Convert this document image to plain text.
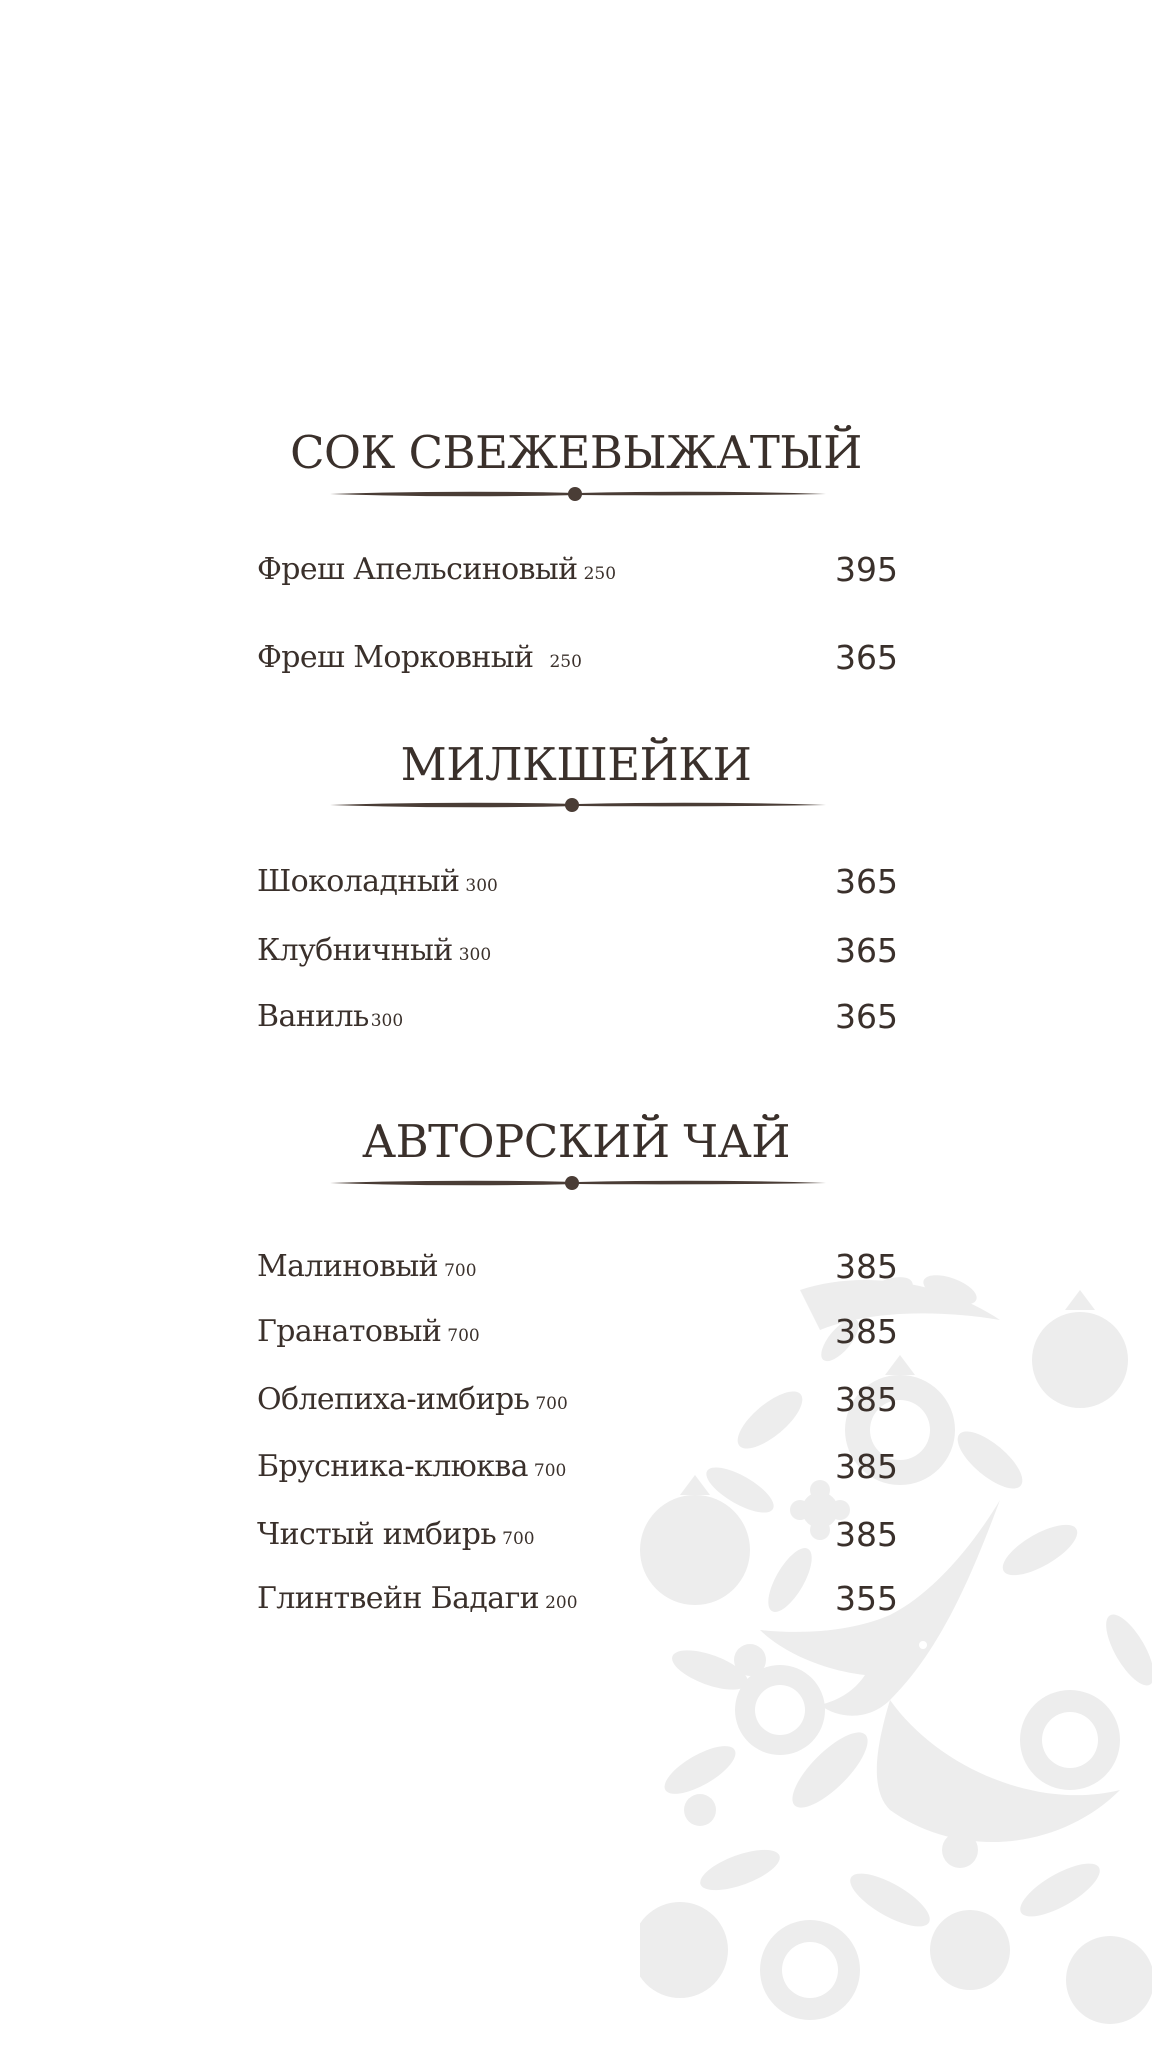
СОК СВЕЖЕВЫЖАТЫЙ
Фреш Апельсиновый 250	395
Фреш Морковный 250	365
МИЛКШЕЙКИ
Шоколадный 300	365
Клубничный 300	365
Ваниль 300	365
АВТОРСКИЙ ЧАЙ
Малиновый 700	385
Гранатовый 700	385
Облепиха-имбирь 700	385
Брусника-клюква 700	385
Чистый имбирь 700	385
Глинтвейн Бадаги 200	355
